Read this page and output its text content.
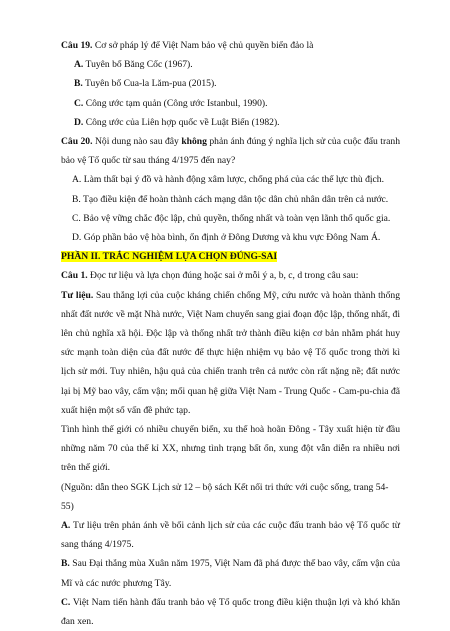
Câu 19. Cơ sở pháp lý để Việt Nam bảo vệ chủ quyền biển đảo là

A. Tuyên bố Băng Cốc (1967).

B. Tuyên bố Cua-la Lăm-pua (2015).

C. Công ước tạm quản (Công ước Istanbul, 1990).

D. Công ước của Liên hợp quốc về Luật Biển (1982).

Câu 20. Nội dung nào sau đây không phản ánh đúng ý nghĩa lịch sử của cuộc đấu tranh bảo vệ Tổ quốc từ sau tháng 4/1975 đến nay?

A. Làm thất bại ý đồ và hành động xâm lược, chống phá của các thế lực thù địch.

B. Tạo điều kiện để hoàn thành cách mạng dân tộc dân chủ nhân dân trên cả nước.

C. Bảo vệ vững chắc độc lập, chủ quyền, thống nhất và toàn vẹn lãnh thổ quốc gia.

D. Góp phần bảo vệ hòa bình, ổn định ở Đông Dương và khu vực Đông Nam Á.

PHẦN II. TRẮC NGHIỆM LỰA CHỌN ĐÚNG-SAI

Câu 1. Đọc tư liệu và lựa chọn đúng hoặc sai ở mỗi ý a, b, c, d trong câu sau:

Tư liệu. Sau thắng lợi của cuộc kháng chiến chống Mỹ, cứu nước và hoàn thành thống nhất đất nước về mặt Nhà nước, Việt Nam chuyển sang giai đoạn độc lập, thống nhất, đi lên chủ nghĩa xã hội. Độc lập và thống nhất trở thành điều kiện cơ bản nhằm phát huy sức mạnh toàn diện của đất nước để thực hiện nhiệm vụ bảo vệ Tổ quốc trong thời kì lịch sử mới. Tuy nhiên, hậu quả của chiến tranh trên cả nước còn rất nặng nề; đất nước lại bị Mỹ bao vây, cấm vận; mối quan hệ giữa Việt Nam - Trung Quốc - Cam-pu-chia đã xuất hiện một số vấn đề phức tạp.

Tình hình thế giới có nhiều chuyển biến, xu thế hoà hoãn Đông - Tây xuất hiện từ đầu những năm 70 của thế kỉ XX, nhưng tình trạng bất ổn, xung đột vẫn diễn ra nhiều nơi trên thế giới.

(Nguồn: dẫn theo SGK Lịch sử 12 – bộ sách Kết nối tri thức với cuộc sống, trang 54-55)

A. Tư liệu trên phản ánh về bối cảnh lịch sử của các cuộc đấu tranh bảo vệ Tổ quốc từ sang tháng 4/1975.

B. Sau Đại thắng mùa Xuân năm 1975, Việt Nam đã phá được thế bao vây, cấm vận của Mĩ và các nước phương Tây.

C. Việt Nam tiến hành đấu tranh bảo vệ Tổ quốc trong điều kiện thuận lợi và khó khăn đan xen.
